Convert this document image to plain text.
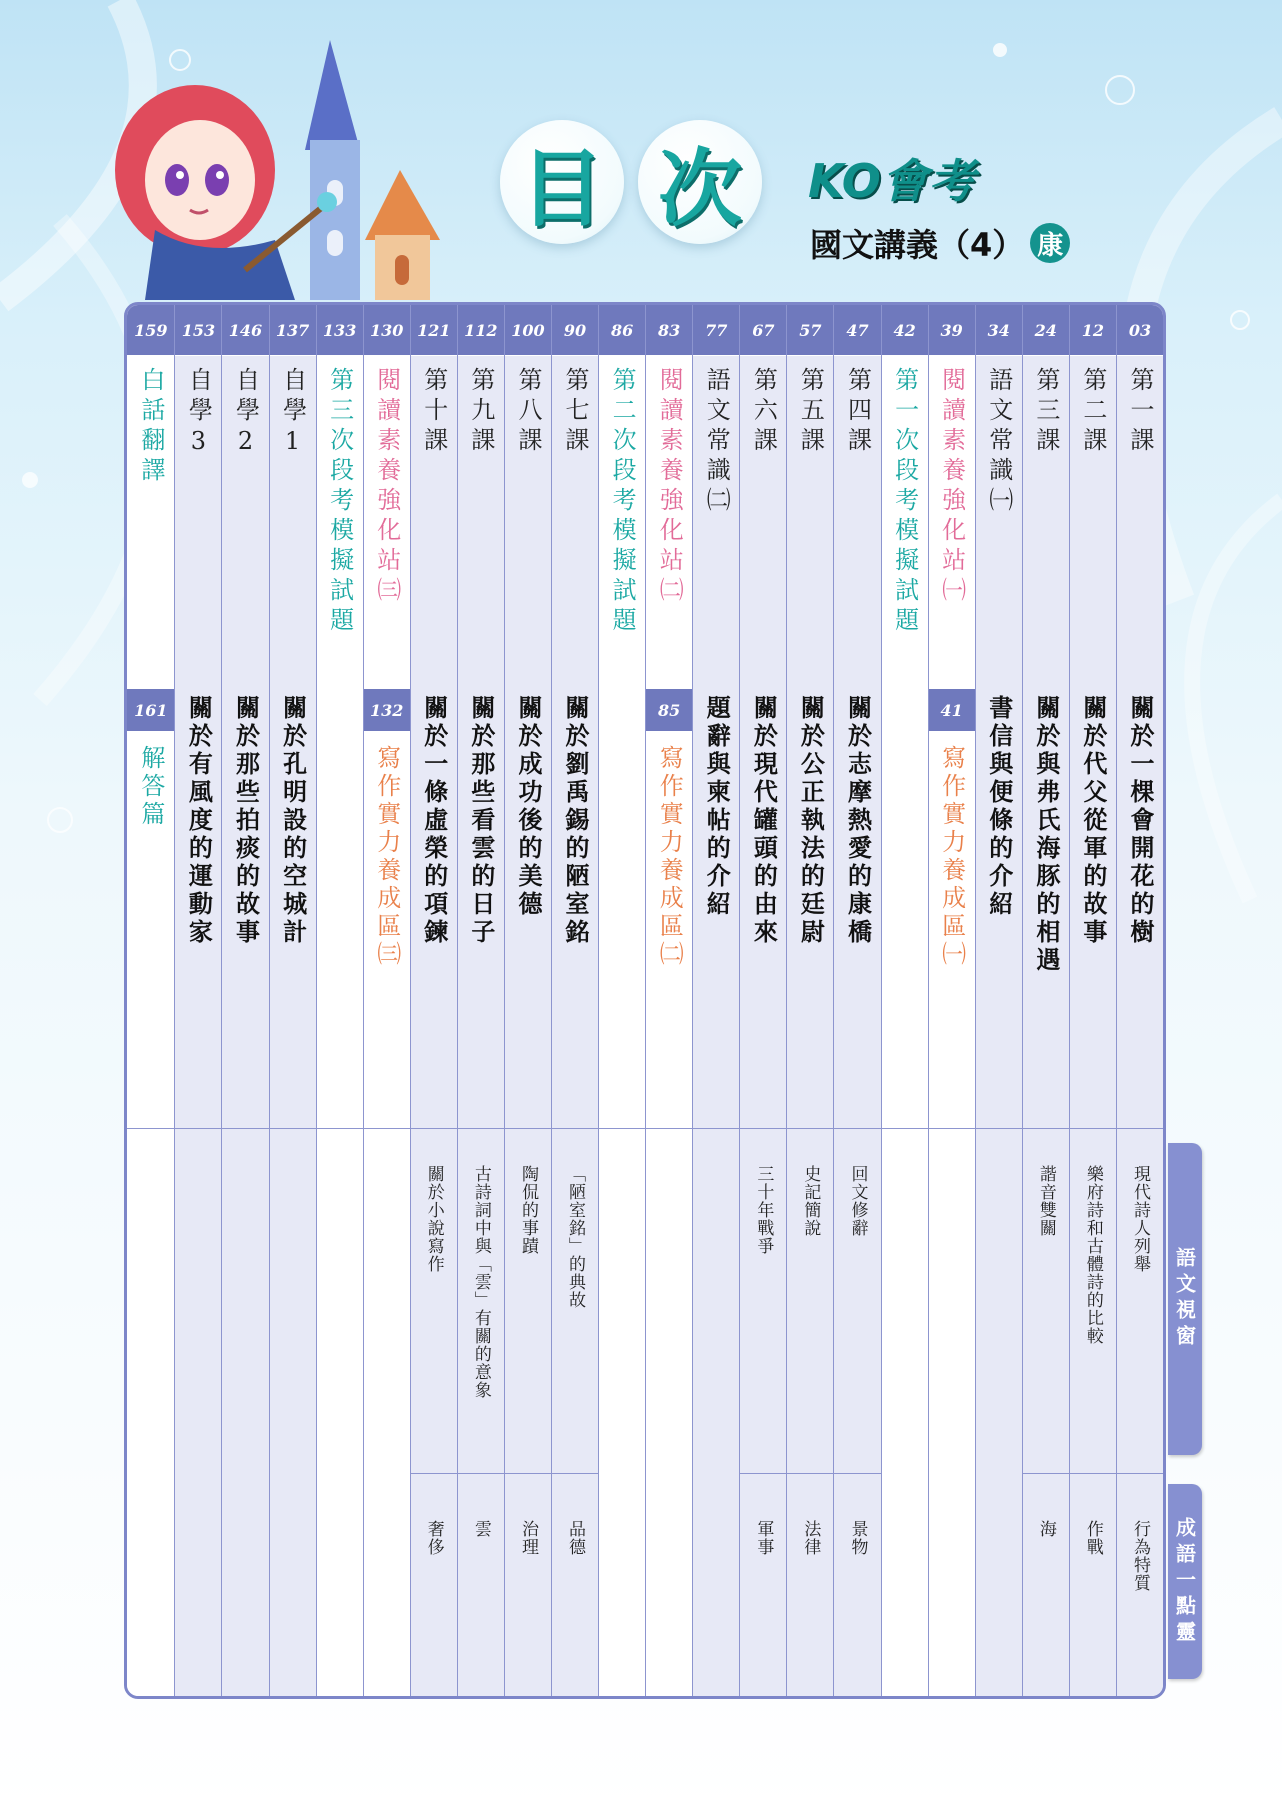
目 次	KO會考
國文講義（4） 康
03
第一課
關於一棵會開花的樹
現代詩人列舉
行為特質
12
第二課
關於代父從軍的故事
樂府詩和古體詩的比較
作戰
24
第三課
關於與弗氏海豚的相遇
諧音雙關
海
34
語文常識㈠
書信與便條的介紹
39
閱讀素養強化站㈠
41
寫作實力養成區㈠
42
第一次段考模擬試題
47
第四課
關於志摩熱愛的康橋
回文修辭
景物
57
第五課
關於公正執法的廷尉
史記簡說
法律
67
第六課
關於現代罐頭的由來
三十年戰爭
軍事
77
語文常識㈡
題辭與柬帖的介紹
83
閱讀素養強化站㈡
85
寫作實力養成區㈡
86
第二次段考模擬試題
90
第七課
關於劉禹錫的陋室銘
「陋室銘」的典故
品德
100
第八課
關於成功後的美德
陶侃的事蹟
治理
112
第九課
關於那些看雲的日子
古詩詞中與「雲」有關的意象
雲
121
第十課
關於一條虛榮的項鍊
關於小說寫作
奢侈
130
閱讀素養強化站㈢
132
寫作實力養成區㈢
133
第三次段考模擬試題
137
自學1
關於孔明設的空城計
146
自學2
關於那些拍痰的故事
153
自學3
關於有風度的運動家
159
白話翻譯
161
解答篇
語文視窗
成語一點靈
